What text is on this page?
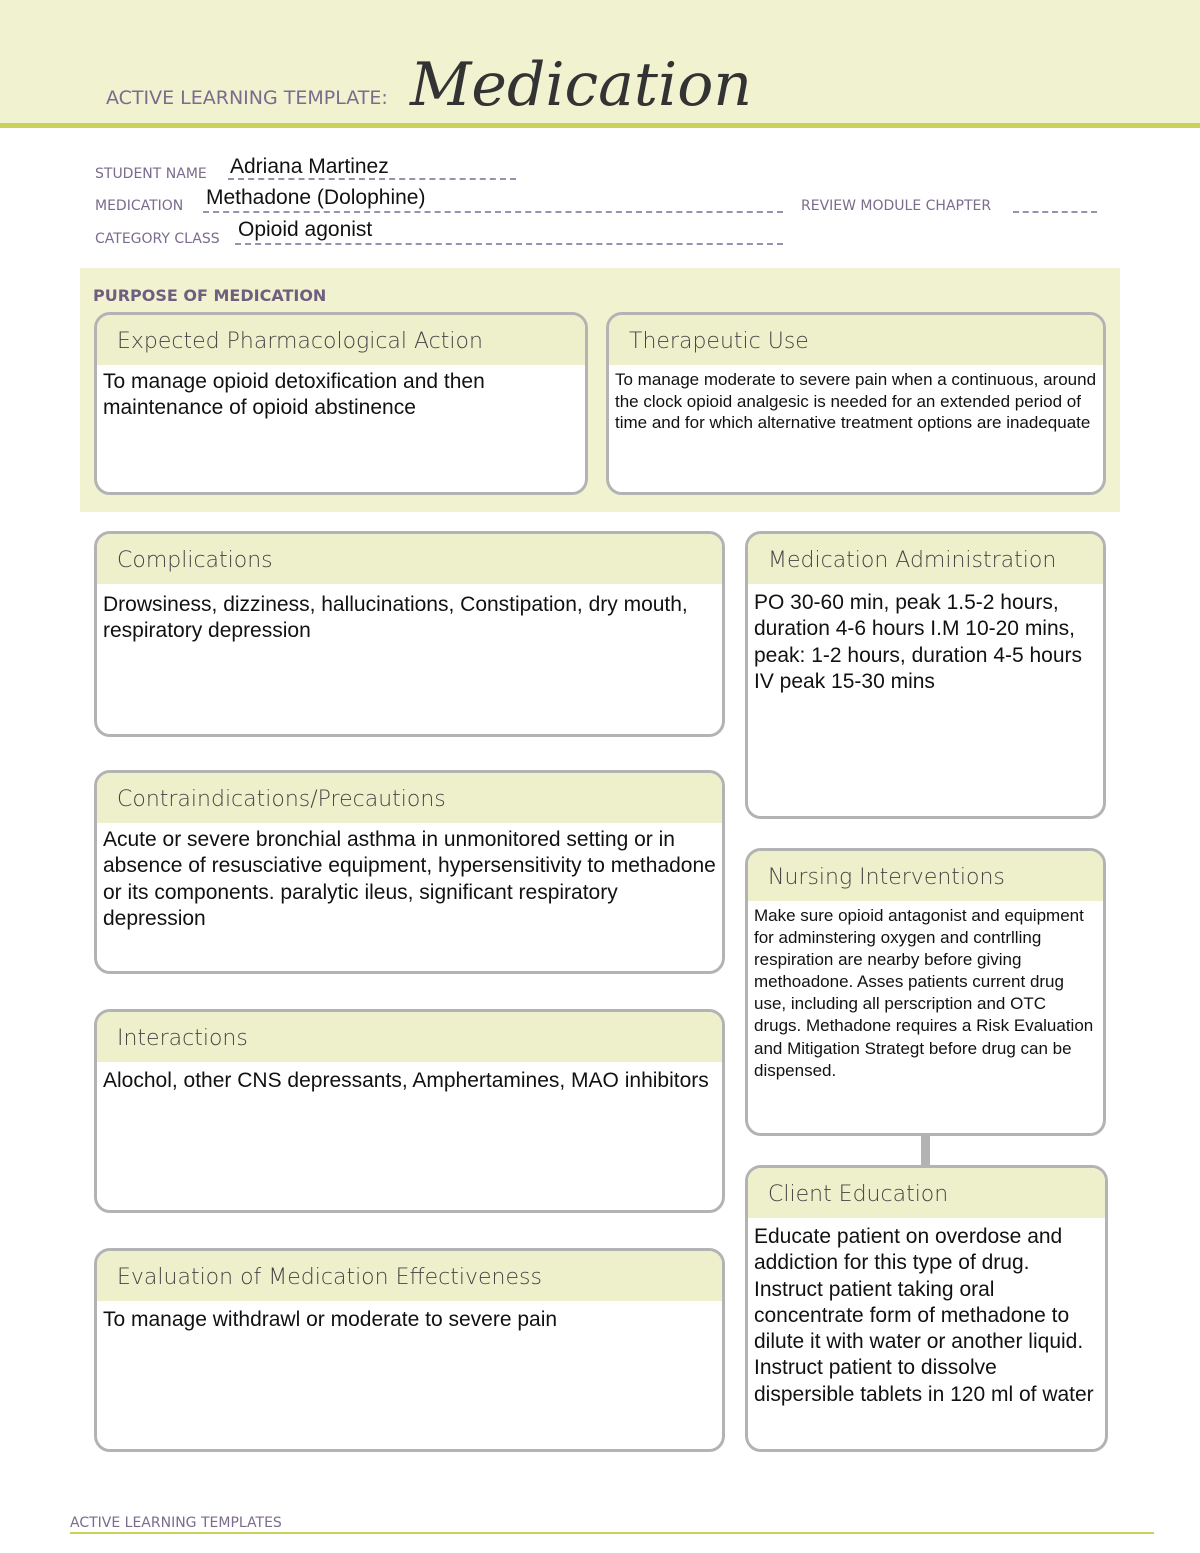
ACTIVE LEARNING TEMPLATE: Medication
STUDENT NAME Adriana Martinez
MEDICATION Methadone (Dolophine)	REVIEW MODULE CHAPTER
CATEGORY CLASS Opioid agonist
PURPOSE OF MEDICATION
Expected Pharmacological Action
To manage opioid detoxification and then maintenance of opioid abstinence
Therapeutic Use
To manage moderate to severe pain when a continuous, around the clock opioid analgesic is needed for an extended period of time and for which alternative treatment options are inadequate
Complications
Drowsiness, dizziness, hallucinations, Constipation, dry mouth, respiratory depression
Medication Administration
PO 30-60 min, peak 1.5-2 hours, duration 4-6 hours I.M 10-20 mins, peak: 1-2 hours, duration 4-5 hours IV peak 15-30 mins
Contraindications/Precautions
Acute or severe bronchial asthma in unmonitored setting or in absence of resusciative equipment, hypersensitivity to methadone or its components. paralytic ileus, significant respiratory depression
Nursing Interventions
Make sure opioid antagonist and equipment for adminstering oxygen and contrlling respiration are nearby before giving methoadone. Asses patients current drug use, including all perscription and OTC drugs. Methadone requires a Risk Evaluation and Mitigation Strategt before drug can be dispensed.
Interactions
Alochol, other CNS depressants, Amphertamines, MAO inhibitors
Client Education
Educate patient on overdose and addiction for this type of drug. Instruct patient taking oral concentrate form of methadone to dilute it with water or another liquid. Instruct patient to dissolve dispersible tablets in 120 ml of water
Evaluation of Medication Effectiveness
To manage withdrawl or moderate to severe pain
ACTIVE LEARNING TEMPLATES
